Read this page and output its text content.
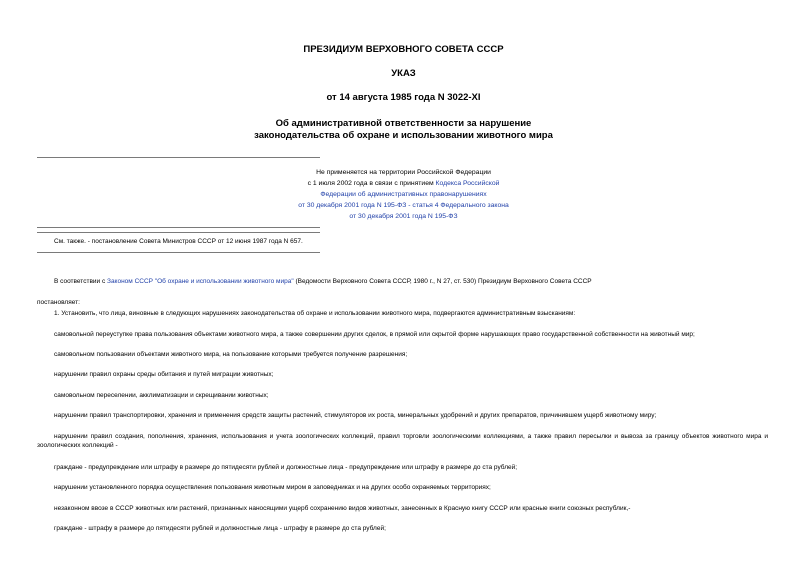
ПРЕЗИДИУМ ВЕРХОВНОГО СОВЕТА СССР
УКАЗ
от 14 августа 1985 года N 3022-XI
Об административной ответственности за нарушение
законодательства об охране и использовании животного мира
Не применяется на территории Российской Федерации
с 1 июля 2002 года в связи с принятием Кодекса Российской
Федерации об административных правонарушениях
от 30 декабря 2001 года N 195-ФЗ - статья 4 Федерального закона
от 30 декабря 2001 года N 195-ФЗ
См. также. - постановление Совета Министров СССР от 12 июня 1987 года N 657.
В соответствии с Законом СССР "Об охране и использовании животного мира" (Ведомости Верховного Совета СССР, 1980 г., N 27, ст. 530) Президиум Верховного Совета СССР
постановляет:
1. Установить, что лица, виновные в следующих нарушениях законодательства об охране и использовании животного мира, подвергаются административным взысканиям:
самовольной переуступке права пользования объектами животного мира, а также совершении других сделок, в прямой или скрытой форме нарушающих право государственной собственности на животный мир;
самовольном пользовании объектами животного мира, на пользование которыми требуется получение разрешения;
нарушении правил охраны среды обитания и путей миграции животных;
самовольном переселении, акклиматизации и скрещивании животных;
нарушении правил транспортировки, хранения и применения средств защиты растений, стимуляторов их роста, минеральных удобрений и других препаратов, причинившем ущерб животному миру;
нарушении правил создания, пополнения, хранения, использования и учета зоологических коллекций, правил торговли зоологическими коллекциями, а также правил пересылки и вывоза за границу объектов животного мира и зоологических коллекций -
граждане - предупреждение или штрафу в размере до пятидесяти рублей и должностные лица - предупреждение или штрафу в размере до ста рублей;
нарушении установленного порядка осуществления пользования животным миром в заповедниках и на других особо охраняемых территориях;
незаконном ввозе в СССР животных или растений, признанных наносящими ущерб сохранению видов животных, занесенных в Красную книгу СССР или красные книги союзных республик,-
граждане - штрафу в размере до пятидесяти рублей и должностные лица - штрафу в размере до ста рублей;
